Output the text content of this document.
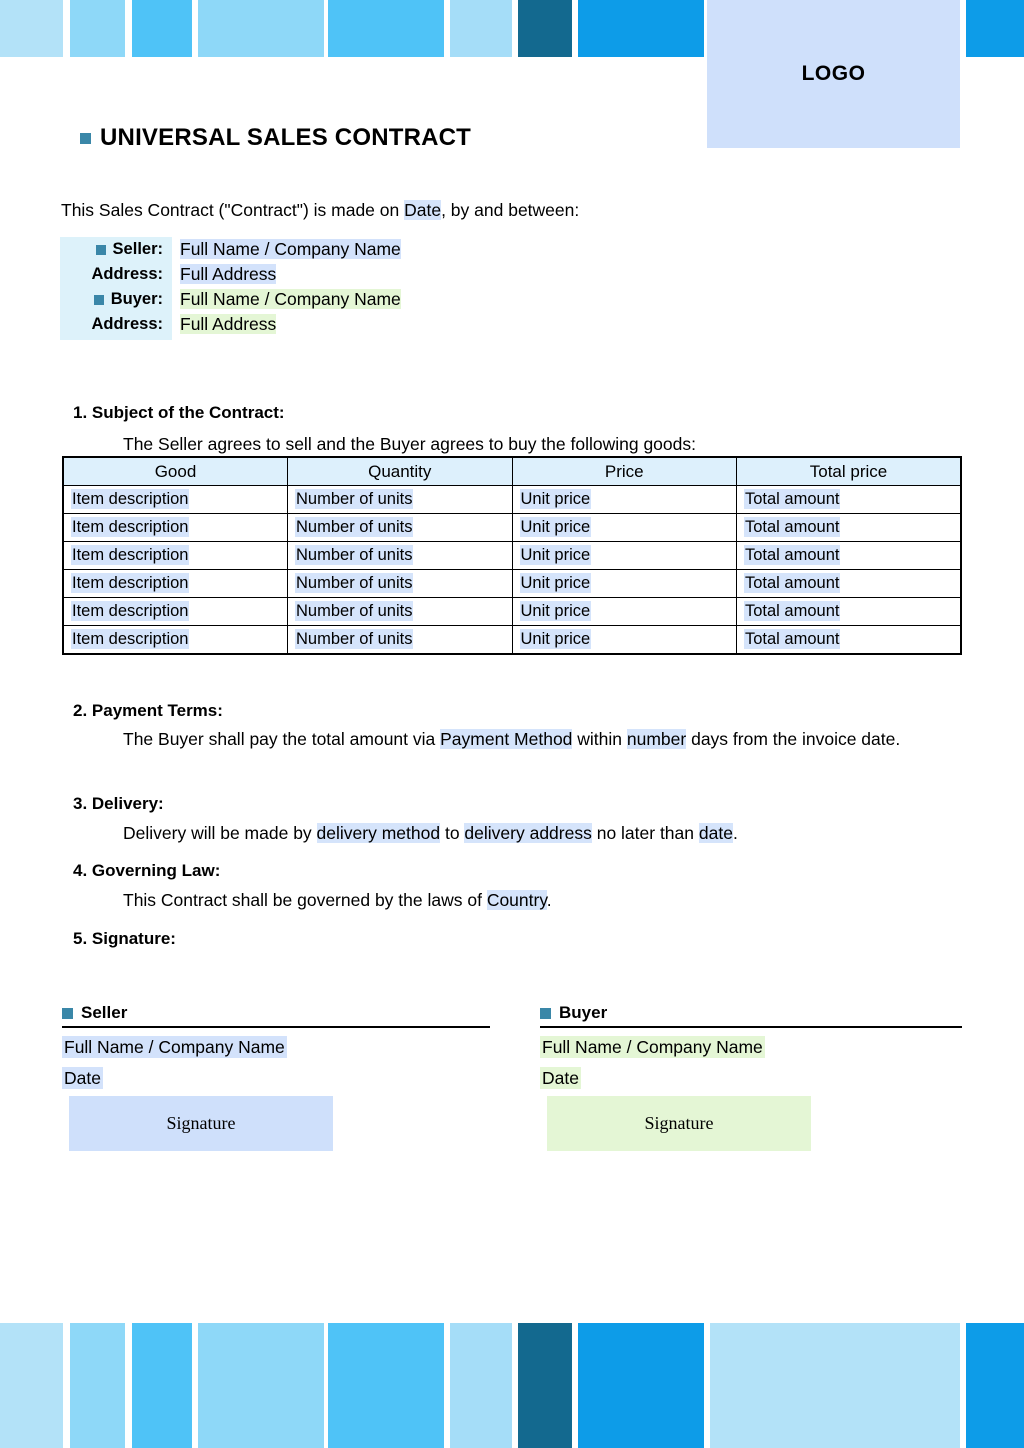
LOGO
UNIVERSAL SALES CONTRACT
This Sales Contract ("Contract") is made on Date, by and between:
Seller: Full Name / Company Name
Address: Full Address
Buyer: Full Name / Company Name
Address: Full Address
1. Subject of the Contract:
The Seller agrees to sell and the Buyer agrees to buy the following goods:
Good	Quantity	Price	Total price
Item description	Number of units	Unit price	Total amount
Item description	Number of units	Unit price	Total amount
Item description	Number of units	Unit price	Total amount
Item description	Number of units	Unit price	Total amount
Item description	Number of units	Unit price	Total amount
Item description	Number of units	Unit price	Total amount
2. Payment Terms:
The Buyer shall pay the total amount via Payment Method within number days from the invoice date.
3. Delivery:
Delivery will be made by delivery method to delivery address no later than date.
4. Governing Law:
This Contract shall be governed by the laws of Country.
5. Signature:
Seller
Full Name / Company Name
Date
Signature
Buyer
Full Name / Company Name
Date
Signature
